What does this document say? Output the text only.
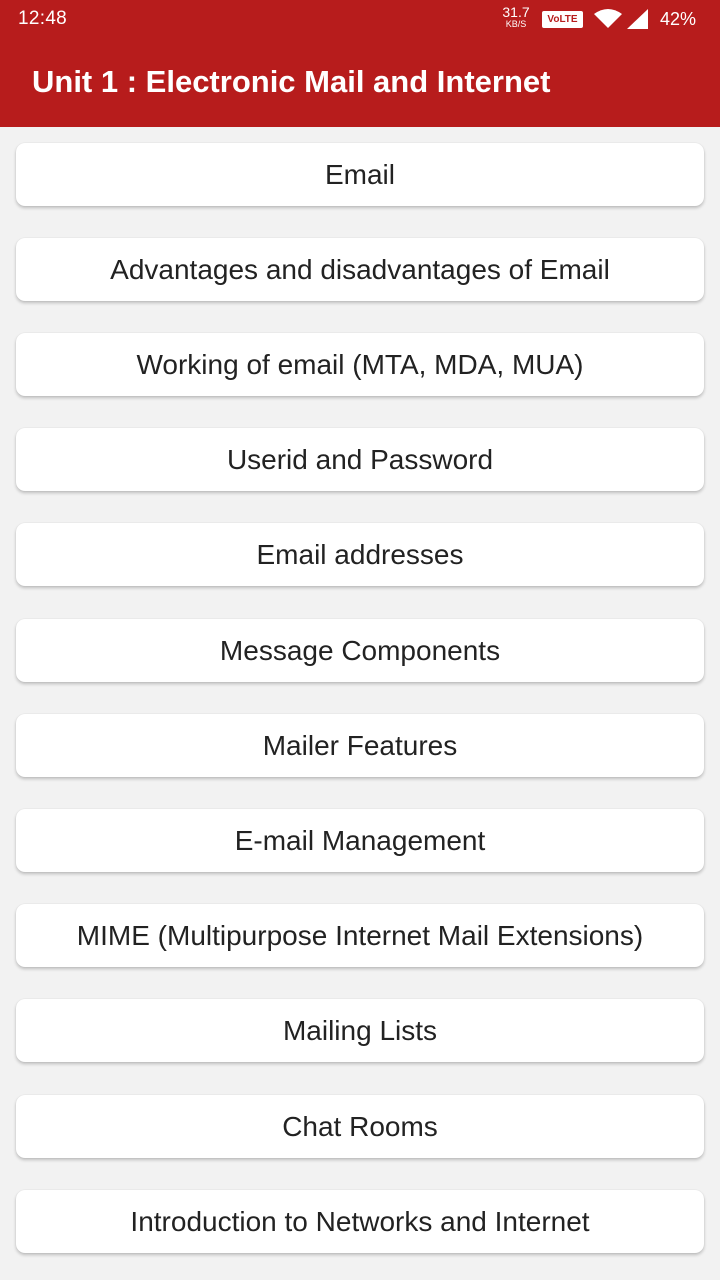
12:48	31.7
KB/S	VoLTE	42%
Unit 1 : Electronic Mail and Internet
Email
Advantages and disadvantages of Email
Working of email (MTA, MDA, MUA)
Userid and Password
Email addresses
Message Components
Mailer Features
E-mail Management
MIME (Multipurpose Internet Mail Extensions)
Mailing Lists
Chat Rooms
Introduction to Networks and Internet
